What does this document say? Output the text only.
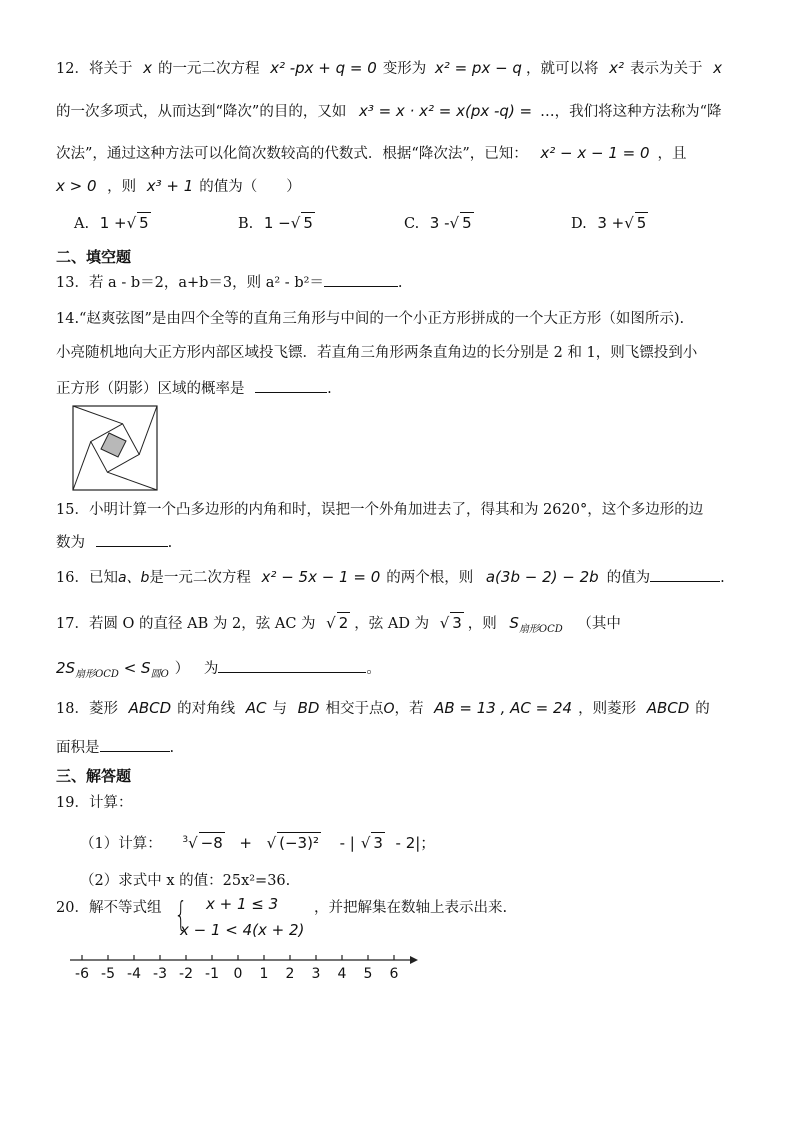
12．将关于 x 的一元二次方程 x² -px + q = 0 变形为 x² = px − q ，就可以将 x² 表示为关于 x
的一次多项式，从而达到“降次”的目的，又如 x³ = x · x² = x(px -q) = …，我们将这种方法称为“降
次法”，通过这种方法可以化简次数较高的代数式．根据“降次法”，已知： x² − x − 1 = 0 ，且
x > 0 ，则 x³ + 1 的值为（　　）
A. 1 +√ 5	B. 1 −√ 5	C. 3 -√ 5	D. 3 +√ 5
二、填空题
13．若 a - b＝2，a+b＝3，则 a² - b²＝	.
14.“赵爽弦图”是由四个全等的直角三角形与中间的一个小正方形拼成的一个大正方形（如图所示).
小亮随机地向大正方形内部区域投飞镖．若直角三角形两条直角边的长分别是 2 和 1，则飞镖投到小
正方形（阴影）区域的概率是	.
15．小明计算一个凸多边形的内角和时，误把一个外角加进去了，得其和为 2620°，这个多边形的边
数为	.
16．已知a、b是一元二次方程 x² − 5x − 1 = 0 的两个根，则 a(3b − 2) − 2b 的值为	.
17．若圆 O 的直径 AB 为 2，弦 AC 为 √ 2 ，弦 AD 为 √ 3 ，则 $S_{扇形OCD}$ （其中
$2S_{扇形OCD} < S_{圆O}$ ） 为	。
18．菱形 ABCD 的对角线 AC 与 BD 相交于点O，若 AB = 13 , AC = 24 ，则菱形 ABCD 的
面积是	.
三、解答题
19．计算：
（1）计算： $^3$√ −8 + √ (−3)² - | √ 3 - 2|；
（2）求式中 x 的值：25x²=36.
20．解不等式组 { x + 1 ≤ 3
x − 1 < 4(x + 2)
，并把解集在数轴上表示出来.
-6 -5 -4 -3 -2 -1 0 1 2 3 4 5 6
